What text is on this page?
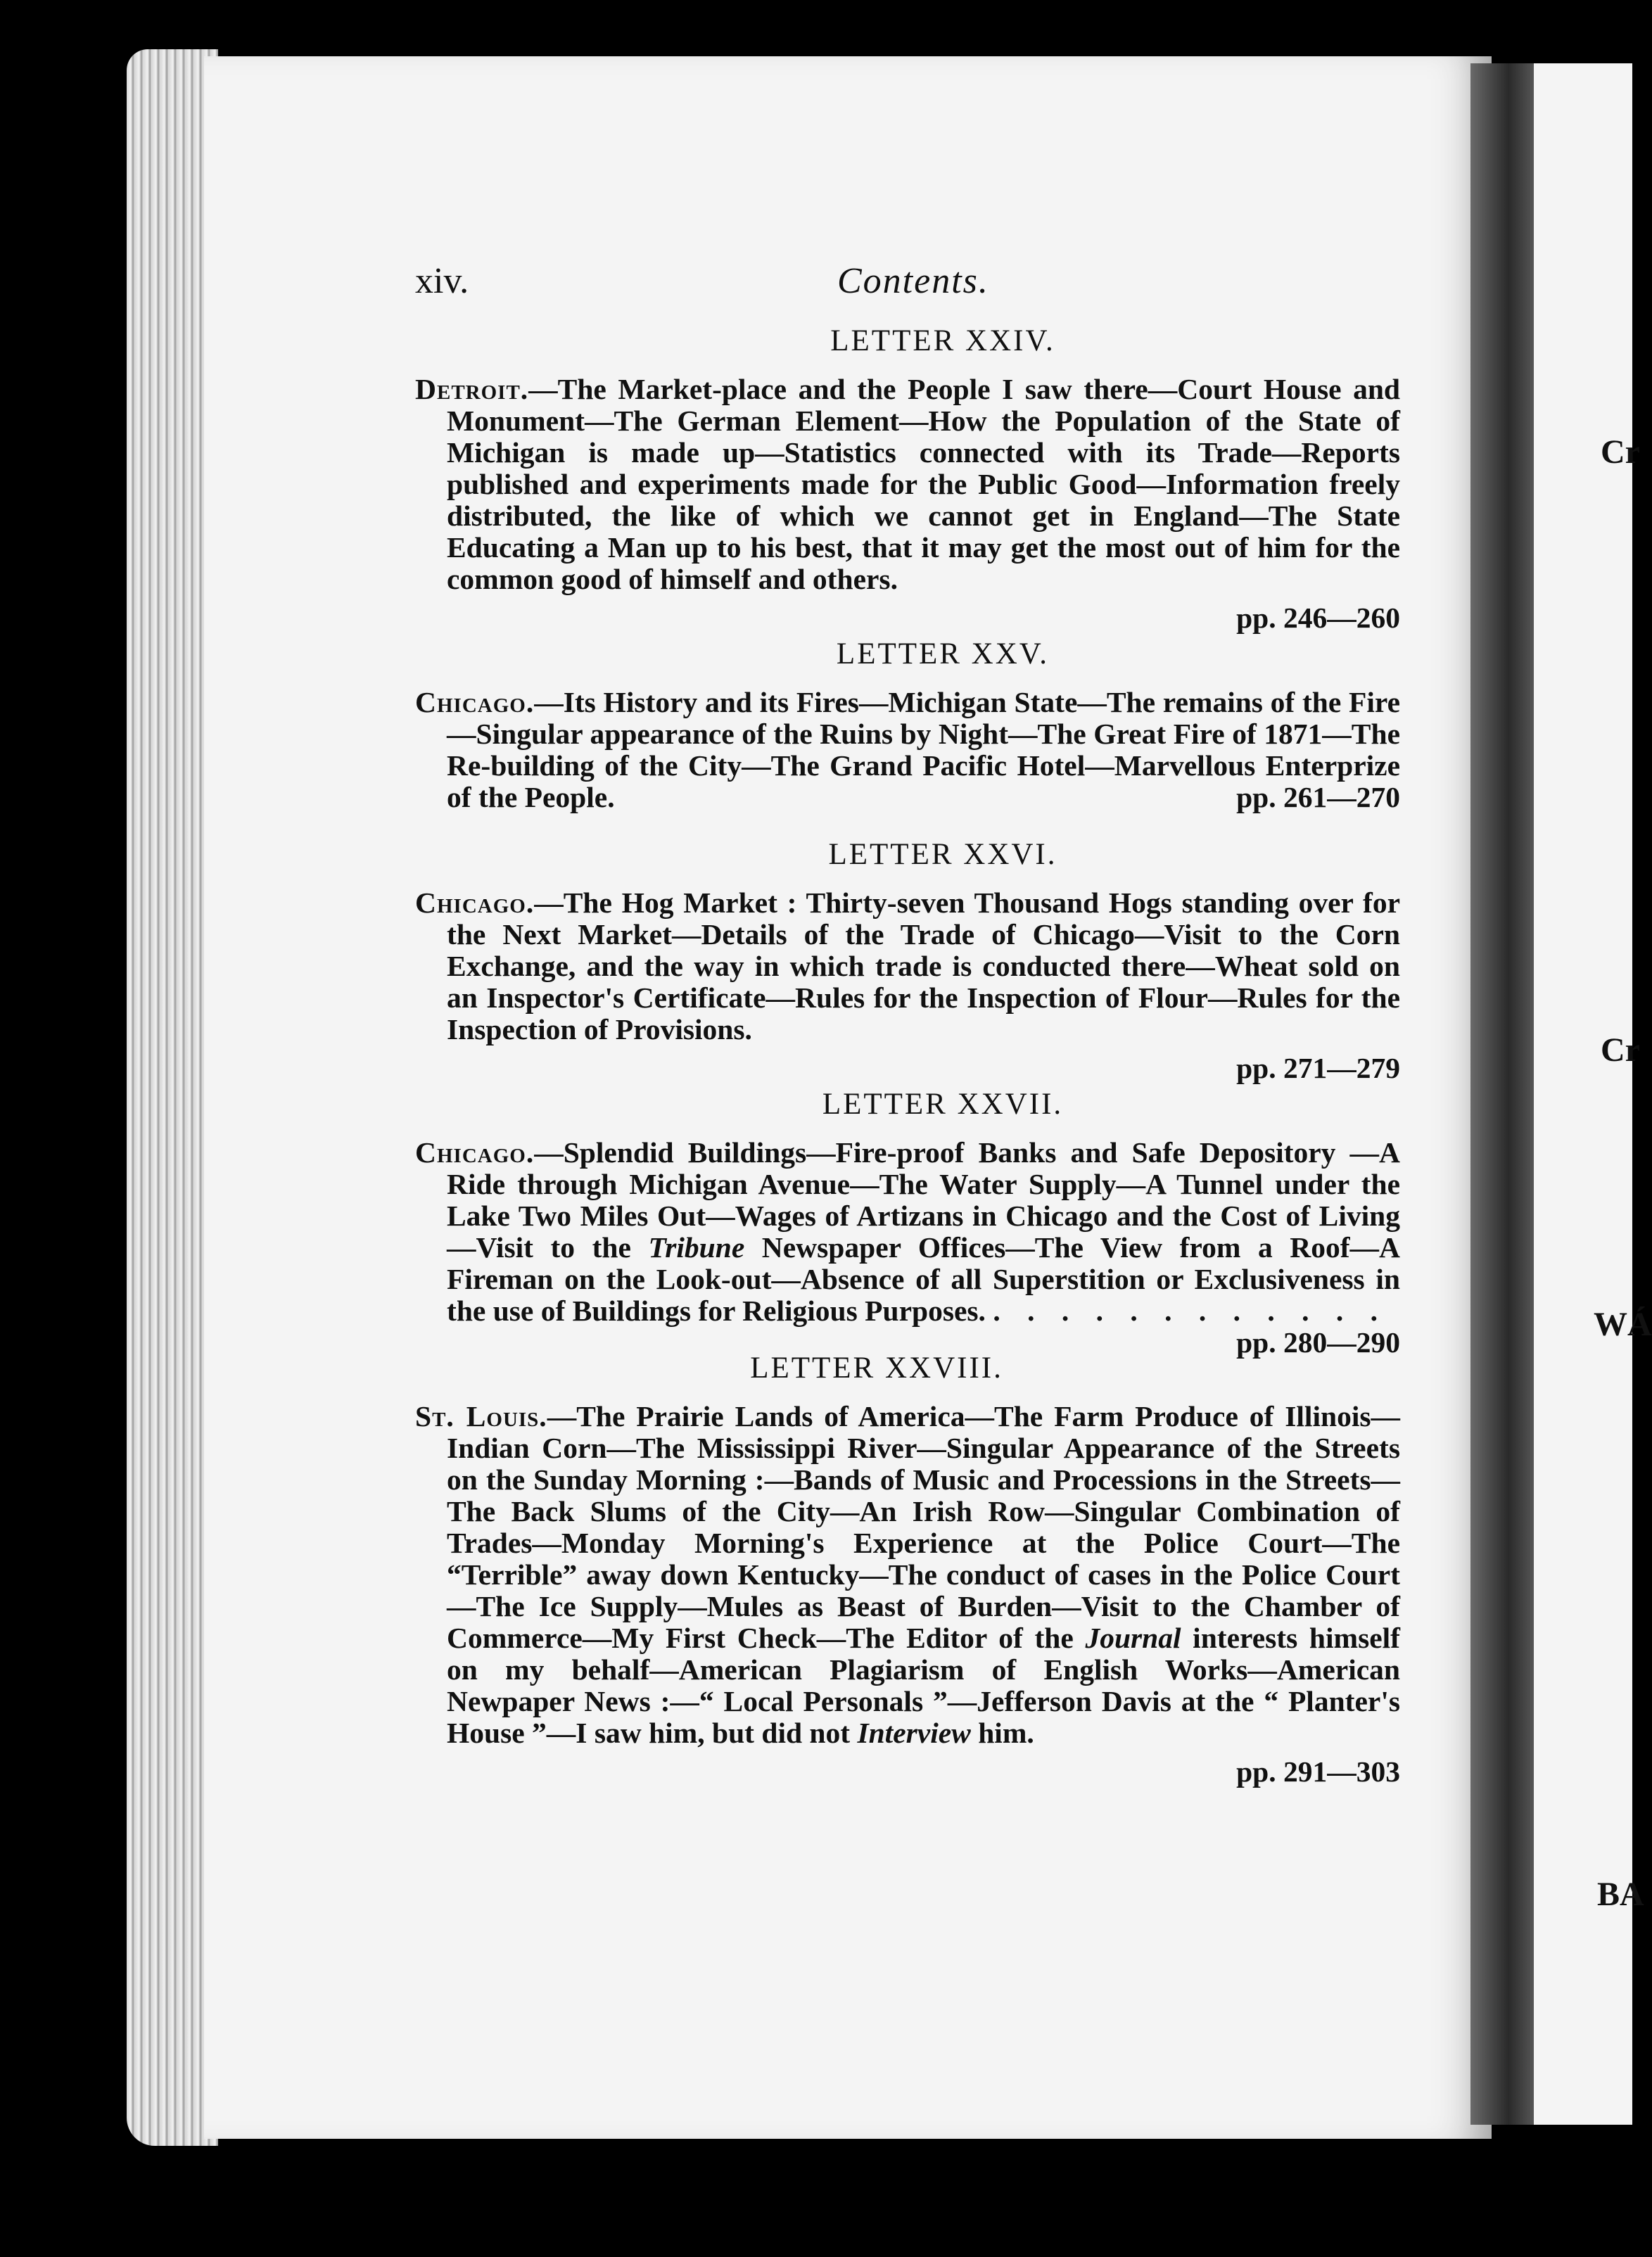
Cr
Cr
WÁ
BA
xiv.	Contents.
LETTER XXIV.

Detroit.—The Market-place and the People I saw there—Court House and Monument—The German Element—How the Population of the State of Michigan is made up—Statistics connected with its Trade—Reports published and experiments made for the Public Good—Information freely distributed, the like of which we cannot get in England—The State Educating a Man up to his best, that it may get the most out of him for the common good of himself and others.

pp. 246—260
LETTER XXV.

Chicago.—Its History and its Fires—Michigan State—The remains of the Fire—Singular appearance of the Ruins by Night—The Great Fire of 1871—The Re-building of the City—The Grand Pacific Hotel—Marvellous Enterprize of the People.	pp. 261—270

LETTER XXVI.

Chicago.—The Hog Market : Thirty-seven Thousand Hogs standing over for the Next Market—Details of the Trade of Chicago—Visit to the Corn Exchange, and the way in which trade is conducted there—Wheat sold on an Inspector's Certificate—Rules for the Inspection of Flour—Rules for the Inspection of Provisions.

pp. 271—279
LETTER XXVII.

Chicago.—Splendid Buildings—Fire-proof Banks and Safe Depository —A Ride through Michigan Avenue—The Water Supply—A Tunnel under the Lake Two Miles Out—Wages of Artizans in Chicago and the Cost of Living—Visit to the Tribune Newspaper Offices—The View from a Roof—A Fireman on the Look-out—Absence of all Superstition or Exclusiveness in the use of Buildings for Religious Purposes. . . . . . . . . . . . .
pp. 280—290

LETTER XXVIII.

St. Louis.—The Prairie Lands of America—The Farm Produce of Illinois—Indian Corn—The Mississippi River—Singular Appearance of the Streets on the Sunday Morning :—Bands of Music and Processions in the Streets—The Back Slums of the City—An Irish Row—Singular Combination of Trades—Monday Morning's Experience at the Police Court—The “Terrible” away down Kentucky—The conduct of cases in the Police Court—The Ice Supply—Mules as Beast of Burden—Visit to the Chamber of Commerce—My First Check—The Editor of the Journal interests himself on my behalf—American Plagiarism of English Works—American Newpaper News :—“ Local Personals ”—Jefferson Davis at the “ Planter's House ”—I saw him, but did not Interview him.

pp. 291—303
